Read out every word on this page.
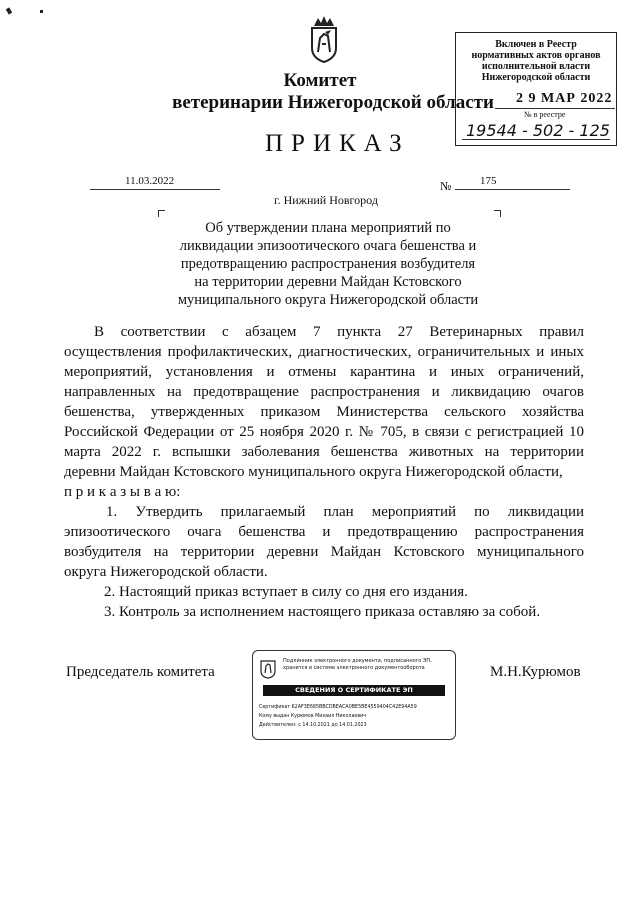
Комитет
ветеринарии Нижегородской области
ПРИКАЗ
Включен в Реестр
нормативных актов органов
исполнительной власти
Нижегородской области
2 9 МАР 2022
№ в реестре
19544 - 502 - 125
11.03.2022	№	175
г. Нижний Новгород
Об утверждении плана мероприятий по
ликвидации эпизоотического очага бешенства и
предотвращению распространения возбудителя
на территории деревни Майдан Кстовского
муниципального округа Нижегородской области
В соответствии с абзацем 7 пункта 27 Ветеринарных правил
осуществления профилактических, диагностических, ограничительных и иных
мероприятий, установления и отмены карантина и иных ограничений,
направленных на предотвращение распространения и ликвидацию очагов
бешенства, утвержденных приказом Министерства сельского хозяйства
Российской Федерации от 25 ноября 2020 г. № 705, в связи с регистрацией 10
марта 2022 г. вспышки заболевания бешенства животных на территории
деревни Майдан Кстовского муниципального округа Нижегородской области,
п р и к а з ы в а ю:
1. Утвердить прилагаемый план мероприятий по ликвидации
эпизоотического очага бешенства и предотвращению распространения
возбудителя на территории деревни Майдан Кстовского муниципального
округа Нижегородской области.
2. Настоящий приказ вступает в силу со дня его издания.
3. Контроль за исполнением настоящего приказа оставляю за собой.
Председатель комитета	М.Н.Курюмов
Подлинник электронного документа, подписанного ЭП,
хранится в системе электронного документооборота
СВЕДЕНИЯ О СЕРТИФИКАТЕ ЭП
Сертификат 62AF3E685BBCDBEACA0BE5BE4559404C42E94A59
Кому выдан Курюмов Михаил Николаевич
Действителен: с 14.10.2021 до 14.01.2023
